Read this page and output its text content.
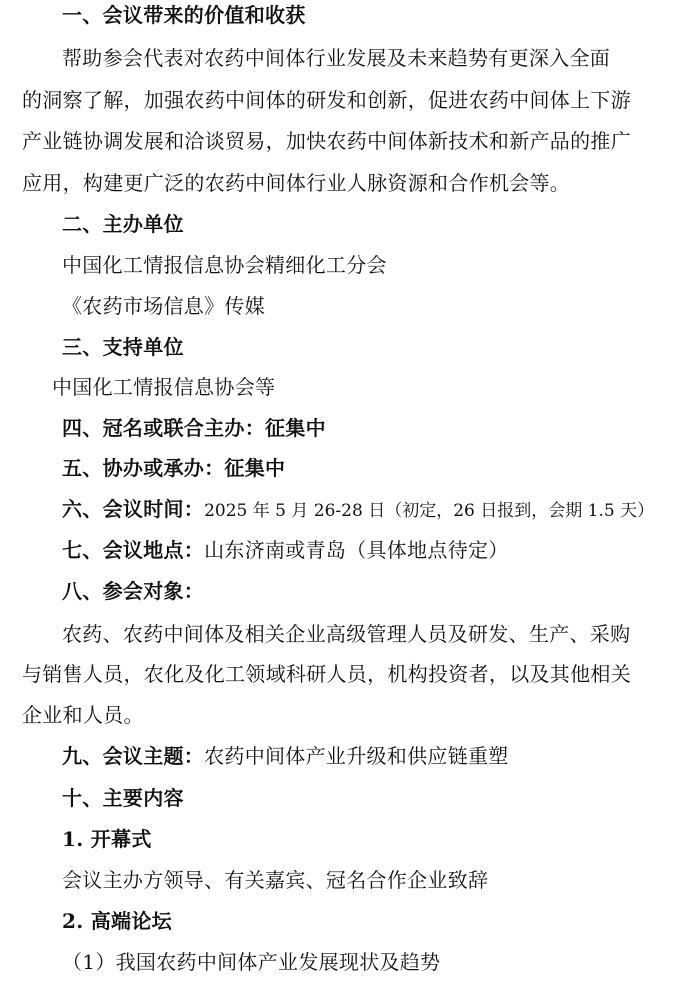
一、会议带来的价值和收获
帮助参会代表对农药中间体行业发展及未来趋势有更深入全面
的洞察了解，加强农药中间体的研发和创新，促进农药中间体上下游
产业链协调发展和洽谈贸易，加快农药中间体新技术和新产品的推广
应用，构建更广泛的农药中间体行业人脉资源和合作机会等。
二、主办单位
中国化工情报信息协会精细化工分会
《农药市场信息》传媒
三、支持单位
中国化工情报信息协会等
四、冠名或联合主办：征集中
五、协办或承办：征集中
六、会议时间：2025 年 5 月 26-28 日（初定，26 日报到，会期 1.5 天）
七、会议地点：山东济南或青岛（具体地点待定）
八、参会对象：
农药、农药中间体及相关企业高级管理人员及研发、生产、采购
与销售人员，农化及化工领域科研人员，机构投资者，以及其他相关
企业和人员。
九、会议主题：农药中间体产业升级和供应链重塑
十、主要内容
1. 开幕式
会议主办方领导、有关嘉宾、冠名合作企业致辞
2. 高端论坛
（1）我国农药中间体产业发展现状及趋势
